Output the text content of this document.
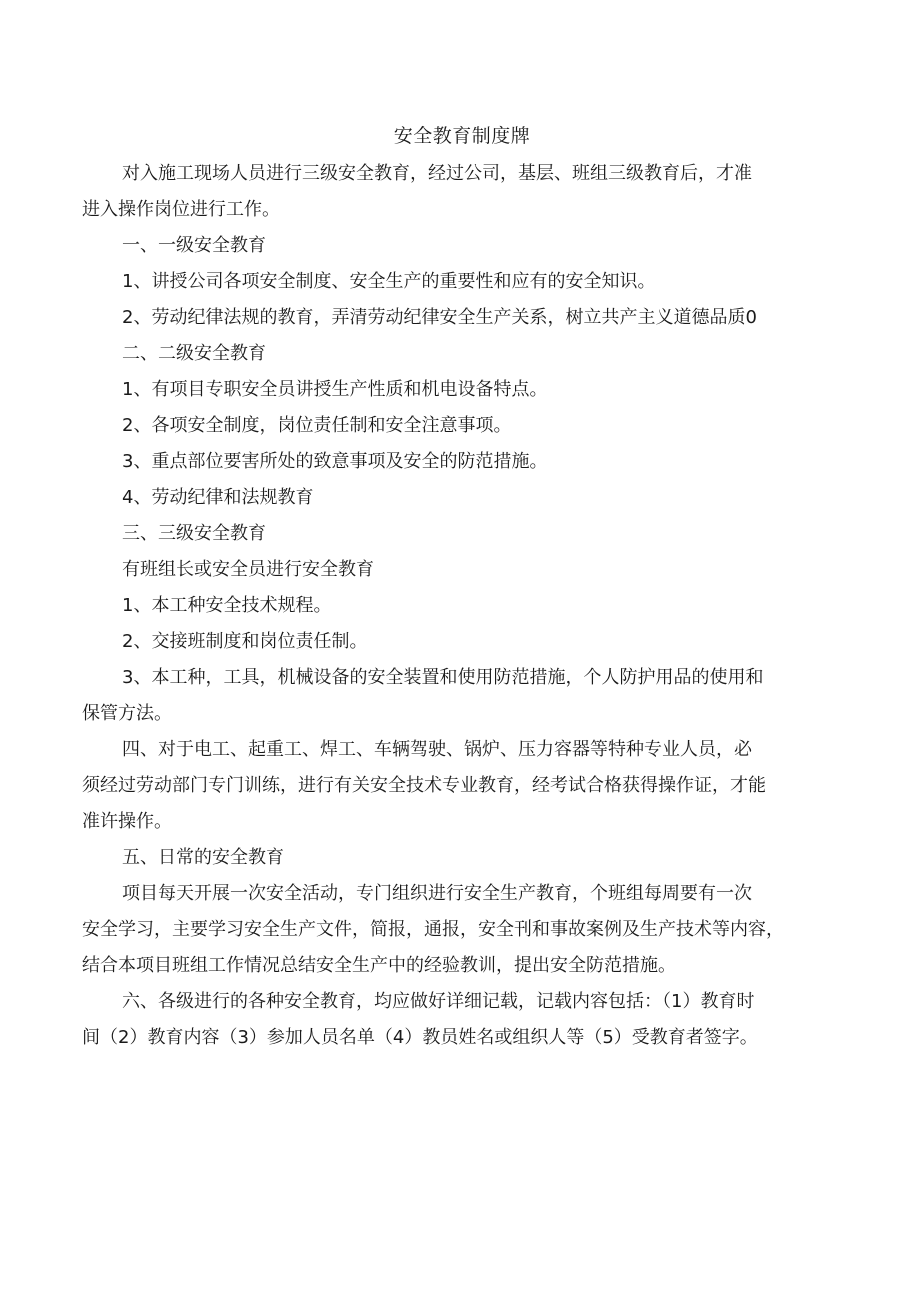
安全教育制度牌

对入施工现场人员进行三级安全教育，经过公司，基层、班组三级教育后，才准

进入操作岗位进行工作。

一、一级安全教育

1、讲授公司各项安全制度、安全生产的重要性和应有的安全知识。

2、劳动纪律法规的教育，弄清劳动纪律安全生产关系，树立共产主义道德品质0

二、二级安全教育

1、有项目专职安全员讲授生产性质和机电设备特点。

2、各项安全制度，岗位责任制和安全注意事项。

3、重点部位要害所处的致意事项及安全的防范措施。

4、劳动纪律和法规教育

三、三级安全教育

有班组长或安全员进行安全教育

1、本工种安全技术规程。

2、交接班制度和岗位责任制。

3、本工种，工具，机械设备的安全装置和使用防范措施，个人防护用品的使用和

保管方法。

四、对于电工、起重工、焊工、车辆驾驶、锅炉、压力容器等特种专业人员，必

须经过劳动部门专门训练，进行有关安全技术专业教育，经考试合格获得操作证，才能

准许操作。

五、日常的安全教育

项目每天开展一次安全活动，专门组织进行安全生产教育，个班组每周要有一次

安全学习，主要学习安全生产文件，简报，通报，安全刊和事故案例及生产技术等内容，

结合本项目班组工作情况总结安全生产中的经验教训，提出安全防范措施。

六、各级进行的各种安全教育，均应做好详细记载，记载内容包括：（1）教育时

间（2）教育内容（3）参加人员名单（4）教员姓名或组织人等（5）受教育者签字。
